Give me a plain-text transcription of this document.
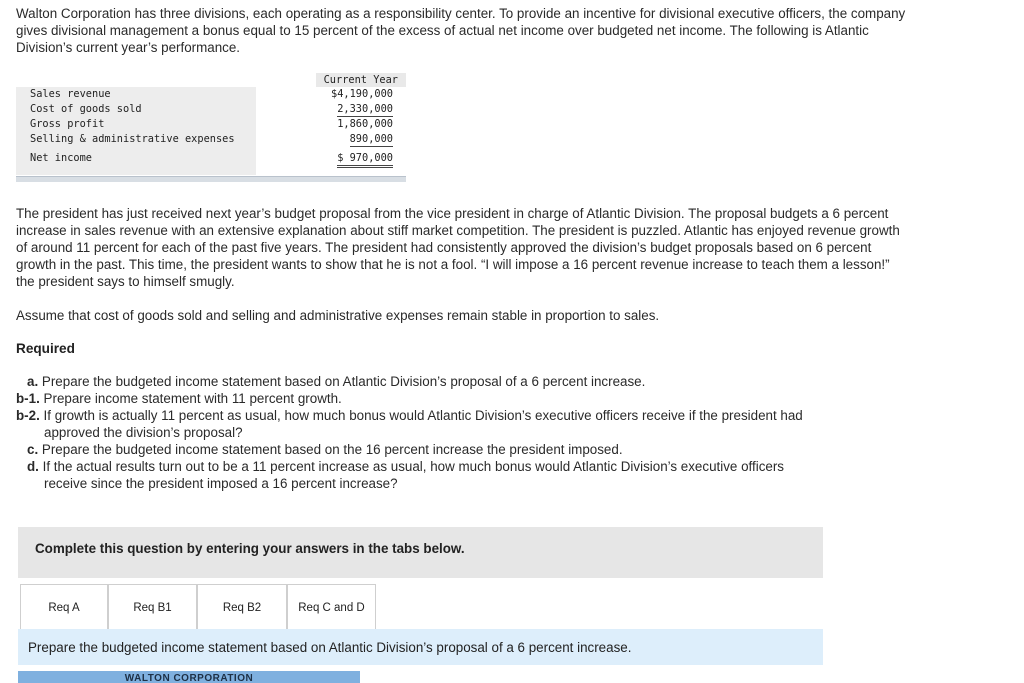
Walton Corporation has three divisions, each operating as a responsibility center. To provide an incentive for divisional executive officers, the company gives divisional management a bonus equal to 15 percent of the excess of actual net income over budgeted net income. The following is Atlantic Division’s current year’s performance.

Current Year
Sales revenue	$4,190,000
Cost of goods sold	2,330,000
Gross profit	1,860,000
Selling & administrative expenses	890,000
Net income	$ 970,000

The president has just received next year’s budget proposal from the vice president in charge of Atlantic Division. The proposal budgets a 6 percent increase in sales revenue with an extensive explanation about stiff market competition. The president is puzzled. Atlantic has enjoyed revenue growth of around 11 percent for each of the past five years. The president had consistently approved the division’s budget proposals based on 6 percent growth in the past. This time, the president wants to show that he is not a fool. “I will impose a 16 percent revenue increase to teach them a lesson!” the president says to himself smugly.

Assume that cost of goods sold and selling and administrative expenses remain stable in proportion to sales.

Required
a. Prepare the budgeted income statement based on Atlantic Division’s proposal of a 6 percent increase.
b-1. Prepare income statement with 11 percent growth.
b-2. If growth is actually 11 percent as usual, how much bonus would Atlantic Division’s executive officers receive if the president had
approved the division’s proposal?
c. Prepare the budgeted income statement based on the 16 percent increase the president imposed.
d. If the actual results turn out to be a 11 percent increase as usual, how much bonus would Atlantic Division’s executive officers
receive since the president imposed a 16 percent increase?
Complete this question by entering your answers in the tabs below.
Req A	Req B1	Req B2	Req C and D
Prepare the budgeted income statement based on Atlantic Division’s proposal of a 6 percent increase.
WALTON CORPORATION
